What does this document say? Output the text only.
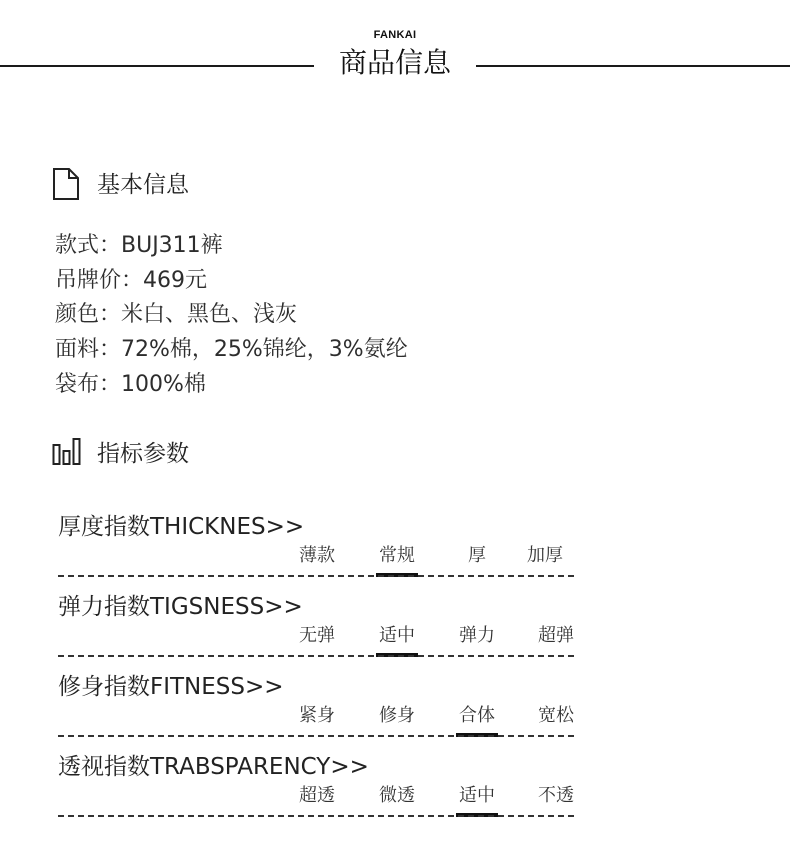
FANKAI
商品信息
基本信息
款式：BUJ311裤
吊牌价：469元
颜色：米白、黑色、浅灰
面料：72%棉，25%锦纶，3%氨纶
袋布：100%棉
指标参数
厚度指数THICKNES>>
薄款 常规	厚	加厚
弹力指数TIGSNESS>>
无弹 适中 弹力 超弹
修身指数FITNESS>>
紧身 修身 合体 宽松
透视指数TRABSPARENCY>>
超透 微透 适中 不透
